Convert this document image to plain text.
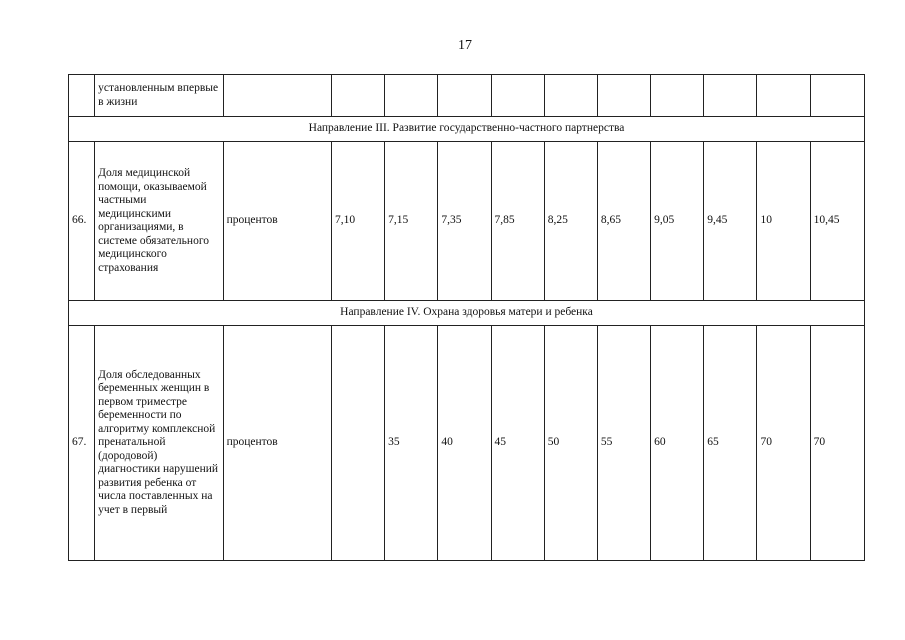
17
	установленным впервые в жизни											
Направление III. Развитие государственно-частного партнерства												
66.	Доля медицинской помощи, оказываемой частными медицинскими организациями, в системе обязательного медицинского страхования	процентов	7,10	7,15	7,35	7,85	8,25	8,65	9,05	9,45	10	10,45
Направление IV. Охрана здоровья матери и ребенка												
67.	Доля обследованных беременных женщин в первом триместре беременности по алгоритму комплексной пренатальной (дородовой) диагностики нарушений развития ребенка от числа поставленных на учет в первый	процентов		35	40	45	50	55	60	65	70	70
